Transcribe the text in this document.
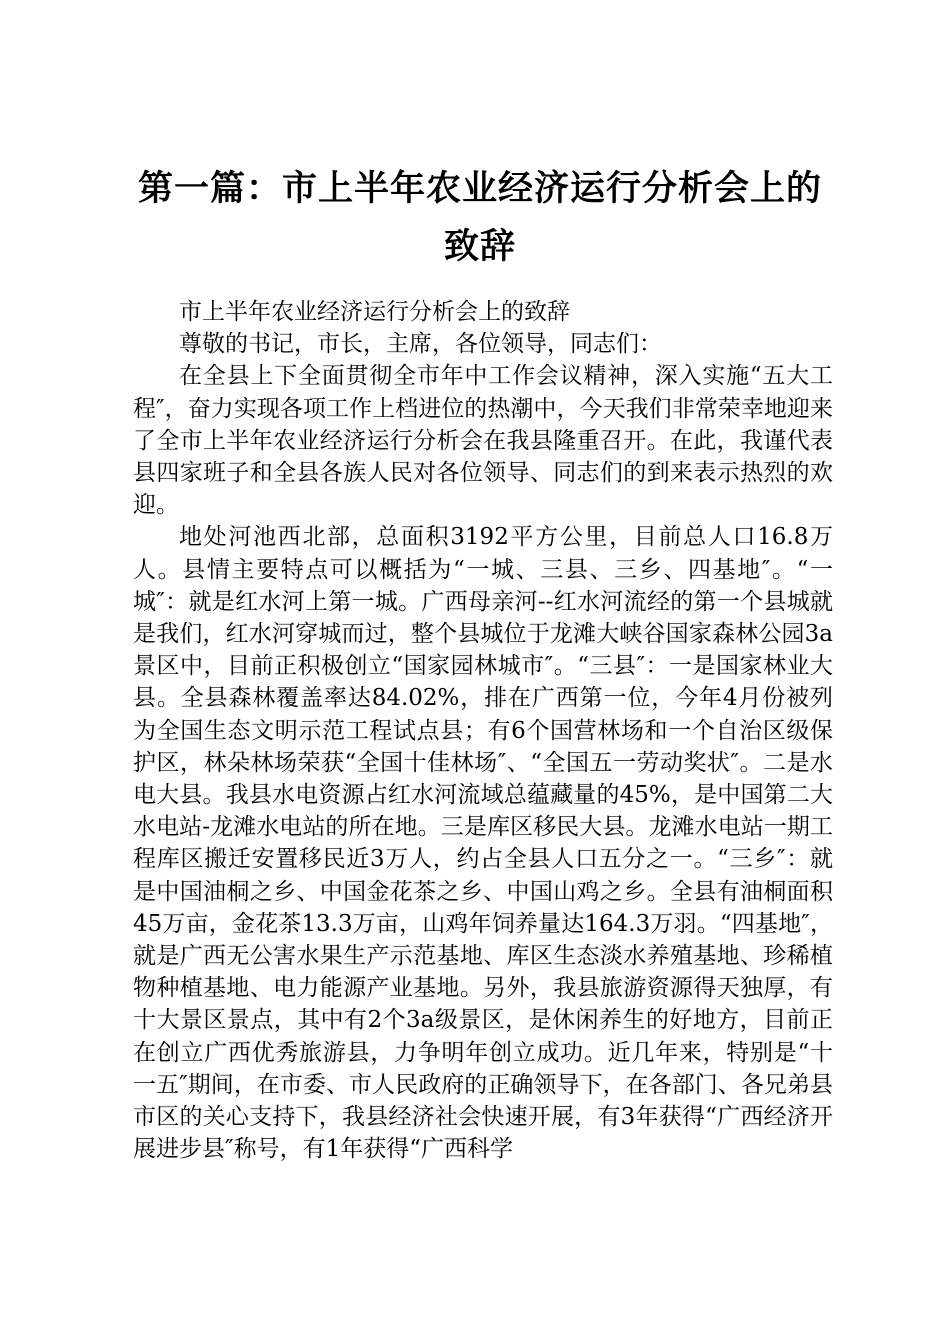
第一篇：市上半年农业经济运行分析会上的致辞

市上半年农业经济运行分析会上的致辞

尊敬的书记，市长，主席，各位领导，同志们：

在全县上下全面贯彻全市年中工作会议精神，深入实施“五大工程″，奋力实现各项工作上档进位的热潮中，今天我们非常荣幸地迎来了全市上半年农业经济运行分析会在我县隆重召开。在此，我谨代表县四家班子和全县各族人民对各位领导、同志们的到来表示热烈的欢迎。

地处河池西北部，总面积3192平方公里，目前总人口16.8万人。县情主要特点可以概括为“一城、三县、三乡、四基地″。“一城″：就是红水河上第一城。广西母亲河--红水河流经的第一个县城就是我们，红水河穿城而过，整个县城位于龙滩大峡谷国家森林公园3a景区中，目前正积极创立“国家园林城市″。“三县″：一是国家林业大县。全县森林覆盖率达84.02%，排在广西第一位，今年4月份被列为全国生态文明示范工程试点县；有6个国营林场和一个自治区级保护区，林朵林场荣获“全国十佳林场″、“全国五一劳动奖状″。二是水电大县。我县水电资源占红水河流域总蕴藏量的45%，是中国第二大水电站-龙滩水电站的所在地。三是库区移民大县。龙滩水电站一期工程库区搬迁安置移民近3万人，约占全县人口五分之一。“三乡″：就是中国油桐之乡、中国金花茶之乡、中国山鸡之乡。全县有油桐面积45万亩，金花茶13.3万亩，山鸡年饲养量达164.3万羽。“四基地″，就是广西无公害水果生产示范基地、库区生态淡水养殖基地、珍稀植物种植基地、电力能源产业基地。另外，我县旅游资源得天独厚，有十大景区景点，其中有2个3a级景区，是休闲养生的好地方，目前正在创立广西优秀旅游县，力争明年创立成功。近几年来，特别是“十一五″期间，在市委、市人民政府的正确领导下，在各部门、各兄弟县市区的关心支持下，我县经济社会快速开展，有3年获得“广西经济开展进步县″称号，有1年获得“广西科学
